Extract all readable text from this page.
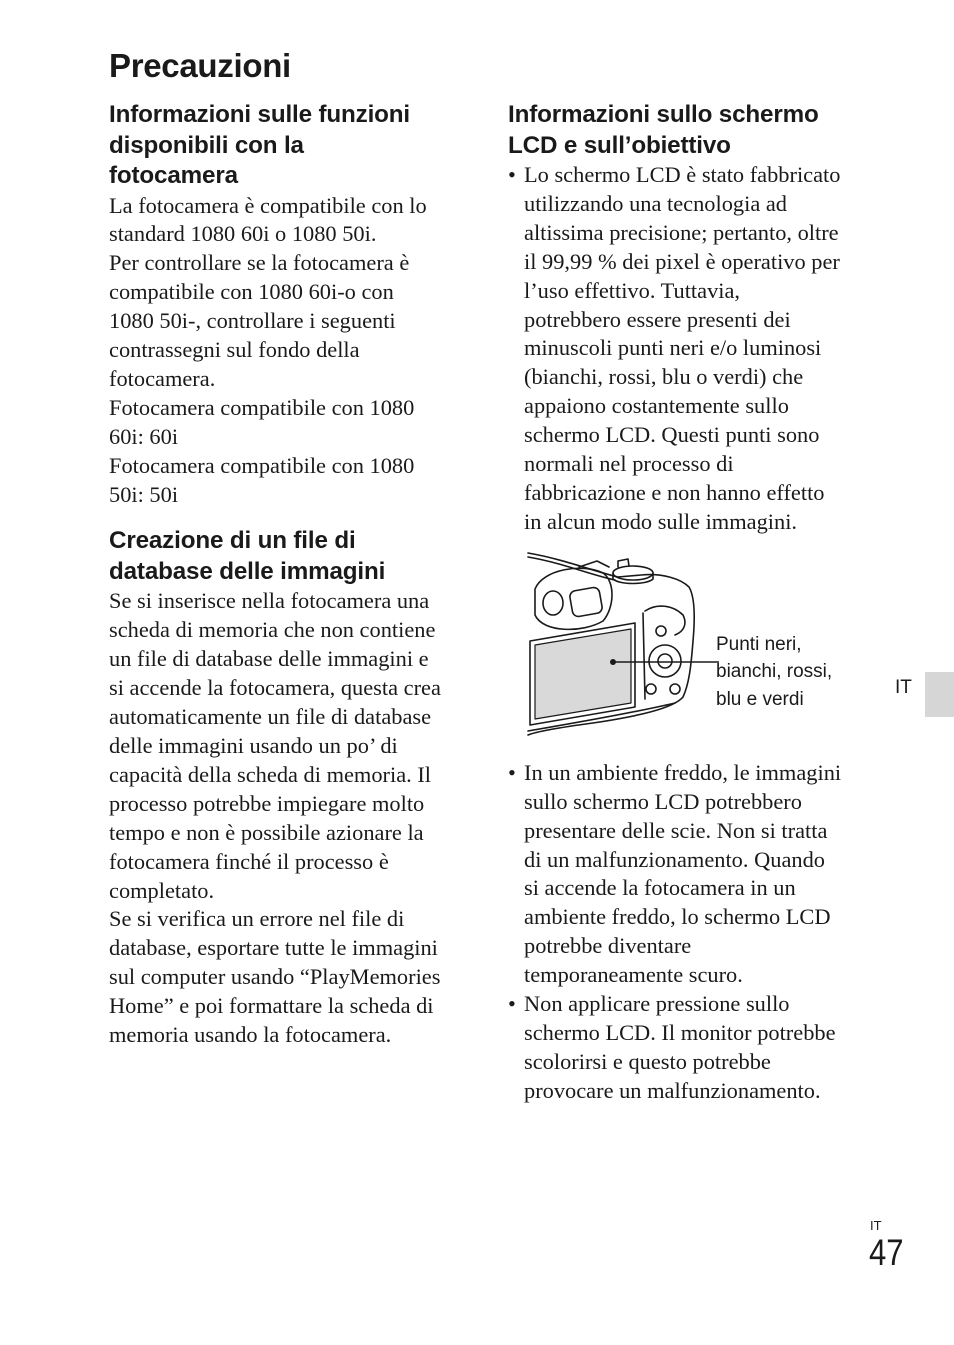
Precauzioni
Informazioni sulle funzioni
disponibili con la
fotocamera

La fotocamera è compatibile con lo
standard 1080 60i o 1080 50i.
Per controllare se la fotocamera è
compatibile con 1080 60i-o con
1080 50i-, controllare i seguenti
contrassegni sul fondo della
fotocamera.
Fotocamera compatibile con 1080
60i: 60i
Fotocamera compatibile con 1080
50i: 50i

Creazione di un file di
database delle immagini

Se si inserisce nella fotocamera una
scheda di memoria che non contiene
un file di database delle immagini e
si accende la fotocamera, questa crea
automaticamente un file di database
delle immagini usando un po’ di
capacità della scheda di memoria. Il
processo potrebbe impiegare molto
tempo e non è possibile azionare la
fotocamera finché il processo è
completato.
Se si verifica un errore nel file di
database, esportare tutte le immagini
sul computer usando “PlayMemories
Home” e poi formattare la scheda di
memoria usando la fotocamera.

Informazioni sullo schermo
LCD e sull’obiettivo
• Lo schermo LCD è stato fabbricato
utilizzando una tecnologia ad
altissima precisione; pertanto, oltre
il 99,99 % dei pixel è operativo per
l’uso effettivo. Tuttavia,
potrebbero essere presenti dei
minuscoli punti neri e/o luminosi
(bianchi, rossi, blu o verdi) che
appaiono costantemente sullo
schermo LCD. Questi punti sono
normali nel processo di
fabbricazione e non hanno effetto
in alcun modo sulle immagini.
Punti neri,
bianchi, rossi,
blu e verdi
• In un ambiente freddo, le immagini
sullo schermo LCD potrebbero
presentare delle scie. Non si tratta
di un malfunzionamento. Quando
si accende la fotocamera in un
ambiente freddo, lo schermo LCD
potrebbe diventare
temporaneamente scuro.
• Non applicare pressione sullo
schermo LCD. Il monitor potrebbe
scolorirsi e questo potrebbe
provocare un malfunzionamento.
IT
IT
47
